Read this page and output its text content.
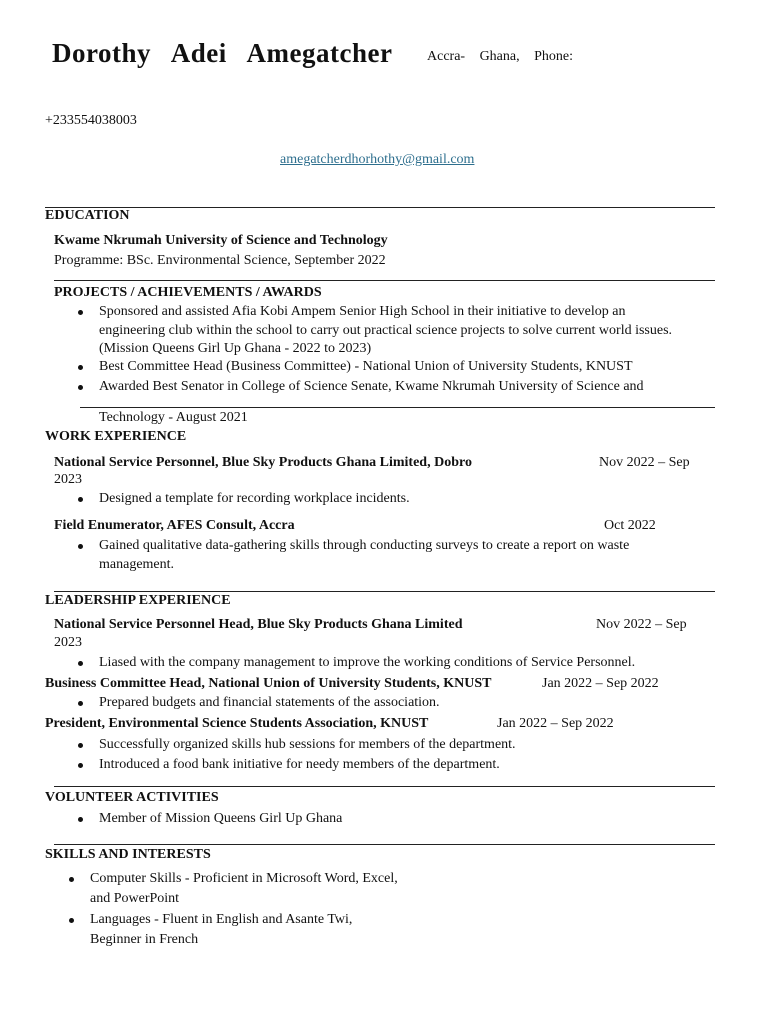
Dorothy Adei Amegatcher Accra- Ghana, Phone:
+233554038003
amegatcherdhorhothy@gmail.com
EDUCATION
Kwame Nkrumah University of Science and Technology
Programme: BSc. Environmental Science, September 2022
PROJECTS / ACHIEVEMENTS / AWARDS
Sponsored and assisted Afia Kobi Ampem Senior High School in their initiative to develop an
engineering club within the school to carry out practical science projects to solve current world issues.
(Mission Queens Girl Up Ghana - 2022 to 2023)
Best Committee Head (Business Committee) - National Union of University Students, KNUST
Awarded Best Senator in College of Science Senate, Kwame Nkrumah University of Science and
Technology - August 2021
WORK EXPERIENCE
National Service Personnel, Blue Sky Products Ghana Limited, Dobro	Nov 2022 – Sep
2023
Designed a template for recording workplace incidents.
Field Enumerator, AFES Consult, Accra	Oct 2022
Gained qualitative data-gathering skills through conducting surveys to create a report on waste
management.
LEADERSHIP EXPERIENCE
National Service Personnel Head, Blue Sky Products Ghana Limited	Nov 2022 – Sep
2023
Liased with the company management to improve the working conditions of Service Personnel.
Business Committee Head, National Union of University Students, KNUST	Jan 2022 – Sep 2022
Prepared budgets and financial statements of the association.
President, Environmental Science Students Association, KNUST	Jan 2022 – Sep 2022
Successfully organized skills hub sessions for members of the department.
Introduced a food bank initiative for needy members of the department.
VOLUNTEER ACTIVITIES
Member of Mission Queens Girl Up Ghana
SKILLS AND INTERESTS
Computer Skills - Proficient in Microsoft Word, Excel,
and PowerPoint
Languages - Fluent in English and Asante Twi,
Beginner in French
